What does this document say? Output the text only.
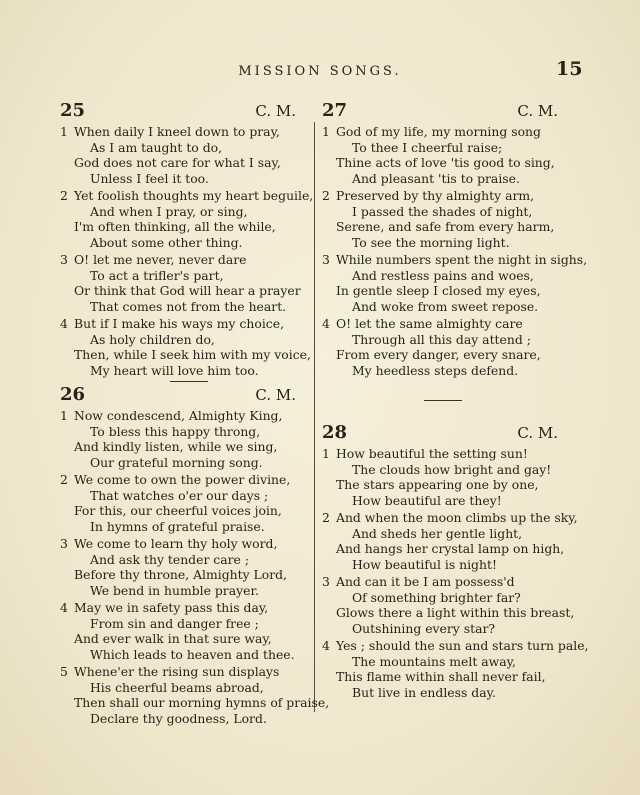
MISSION SONGS.	15
25	C. M.
1 When daily I kneel down to pray,
As I am taught to do,
God does not care for what I say,
Unless I feel it too.
2 Yet foolish thoughts my heart beguile,
And when I pray, or sing,
I'm often thinking, all the while,
About some other thing.
3 O! let me never, never dare
To act a trifler's part,
Or think that God will hear a prayer
That comes not from the heart.
4 But if I make his ways my choice,
As holy children do,
Then, while I seek him with my voice,
My heart will love him too.
26	C. M.
1 Now condescend, Almighty King,
To bless this happy throng,
And kindly listen, while we sing,
Our grateful morning song.
2 We come to own the power divine,
That watches o'er our days ;
For this, our cheerful voices join,
In hymns of grateful praise.
3 We come to learn thy holy word,
And ask thy tender care ;
Before thy throne, Almighty Lord,
We bend in humble prayer.
4 May we in safety pass this day,
From sin and danger free ;
And ever walk in that sure way,
Which leads to heaven and thee.
5 Whene'er the rising sun displays
His cheerful beams abroad,
Then shall our morning hymns of praise,
Declare thy goodness, Lord.
27	C. M.
1 God of my life, my morning song
To thee I cheerful raise;
Thine acts of love 'tis good to sing,
And pleasant 'tis to praise.
2 Preserved by thy almighty arm,
I passed the shades of night,
Serene, and safe from every harm,
To see the morning light.
3 While numbers spent the night in sighs,
And restless pains and woes,
In gentle sleep I closed my eyes,
And woke from sweet repose.
4 O! let the same almighty care
Through all this day attend ;
From every danger, every snare,
My heedless steps defend.
28	C. M.
1 How beautiful the setting sun!
The clouds how bright and gay!
The stars appearing one by one,
How beautiful are they!
2 And when the moon climbs up the sky,
And sheds her gentle light,
And hangs her crystal lamp on high,
How beautiful is night!
3 And can it be I am possess'd
Of something brighter far?
Glows there a light within this breast,
Outshining every star?
4 Yes ; should the sun and stars turn pale,
The mountains melt away,
This flame within shall never fail,
But live in endless day.
